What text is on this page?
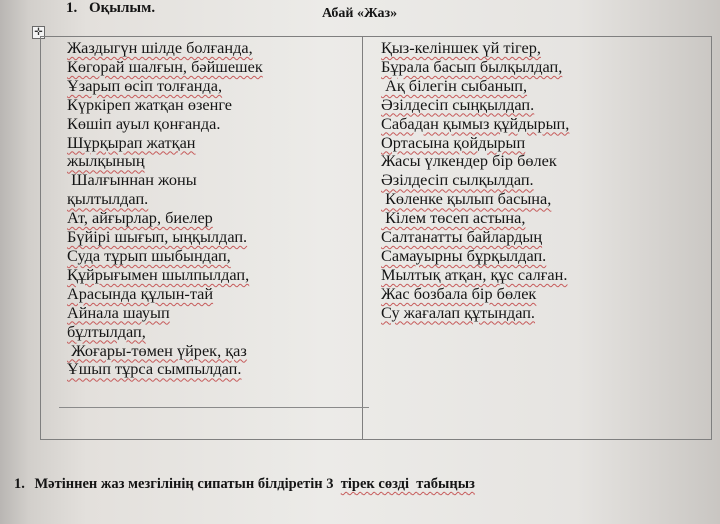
1. Оқылым.	Абай «Жаз»
✛
Жаздыгүн шілде болғанда,
Көгорай шалғын, бәйшешек
Ұзарып өсіп толғанда,
Күркіреп жатқан өзенге
Көшіп ауыл қонғанда.
Шұрқырап жатқан
жылқының
Шалғыннан жоны
қылтылдап.
Ат, айғырлар, биелер
Бүйірі шығып, ыңқылдап.
Суда тұрып шыбындап,
Құйрығымен шылпылдап,
Арасында құлын-тай
Айнала шауып
бұлтылдап,
Жоғары-төмен үйрек, қаз
Ұшып тұрса сымпылдап.
Қыз-келіншек үй тігер,
Бұрала басып былқылдап,
Ақ білегін сыбанып,
Әзілдесіп сыңқылдап.
Сабадан қымыз құйдырып,
Ортасына қойдырып
Жасы үлкендер бір бөлек
Әзілдесіп сылқылдап.
Көленке қылып басына,
Кілем төсеп астына,
Салтанатты байлардың
Самауырны бұрқылдап.
Мылтық атқан, құс салған.
Жас бозбала бір бөлек
Су жағалап құтындап.
1. Мәтіннен жаз мезгілінің сипатын білдіретін 3  тірек сөзді  табыңыз
